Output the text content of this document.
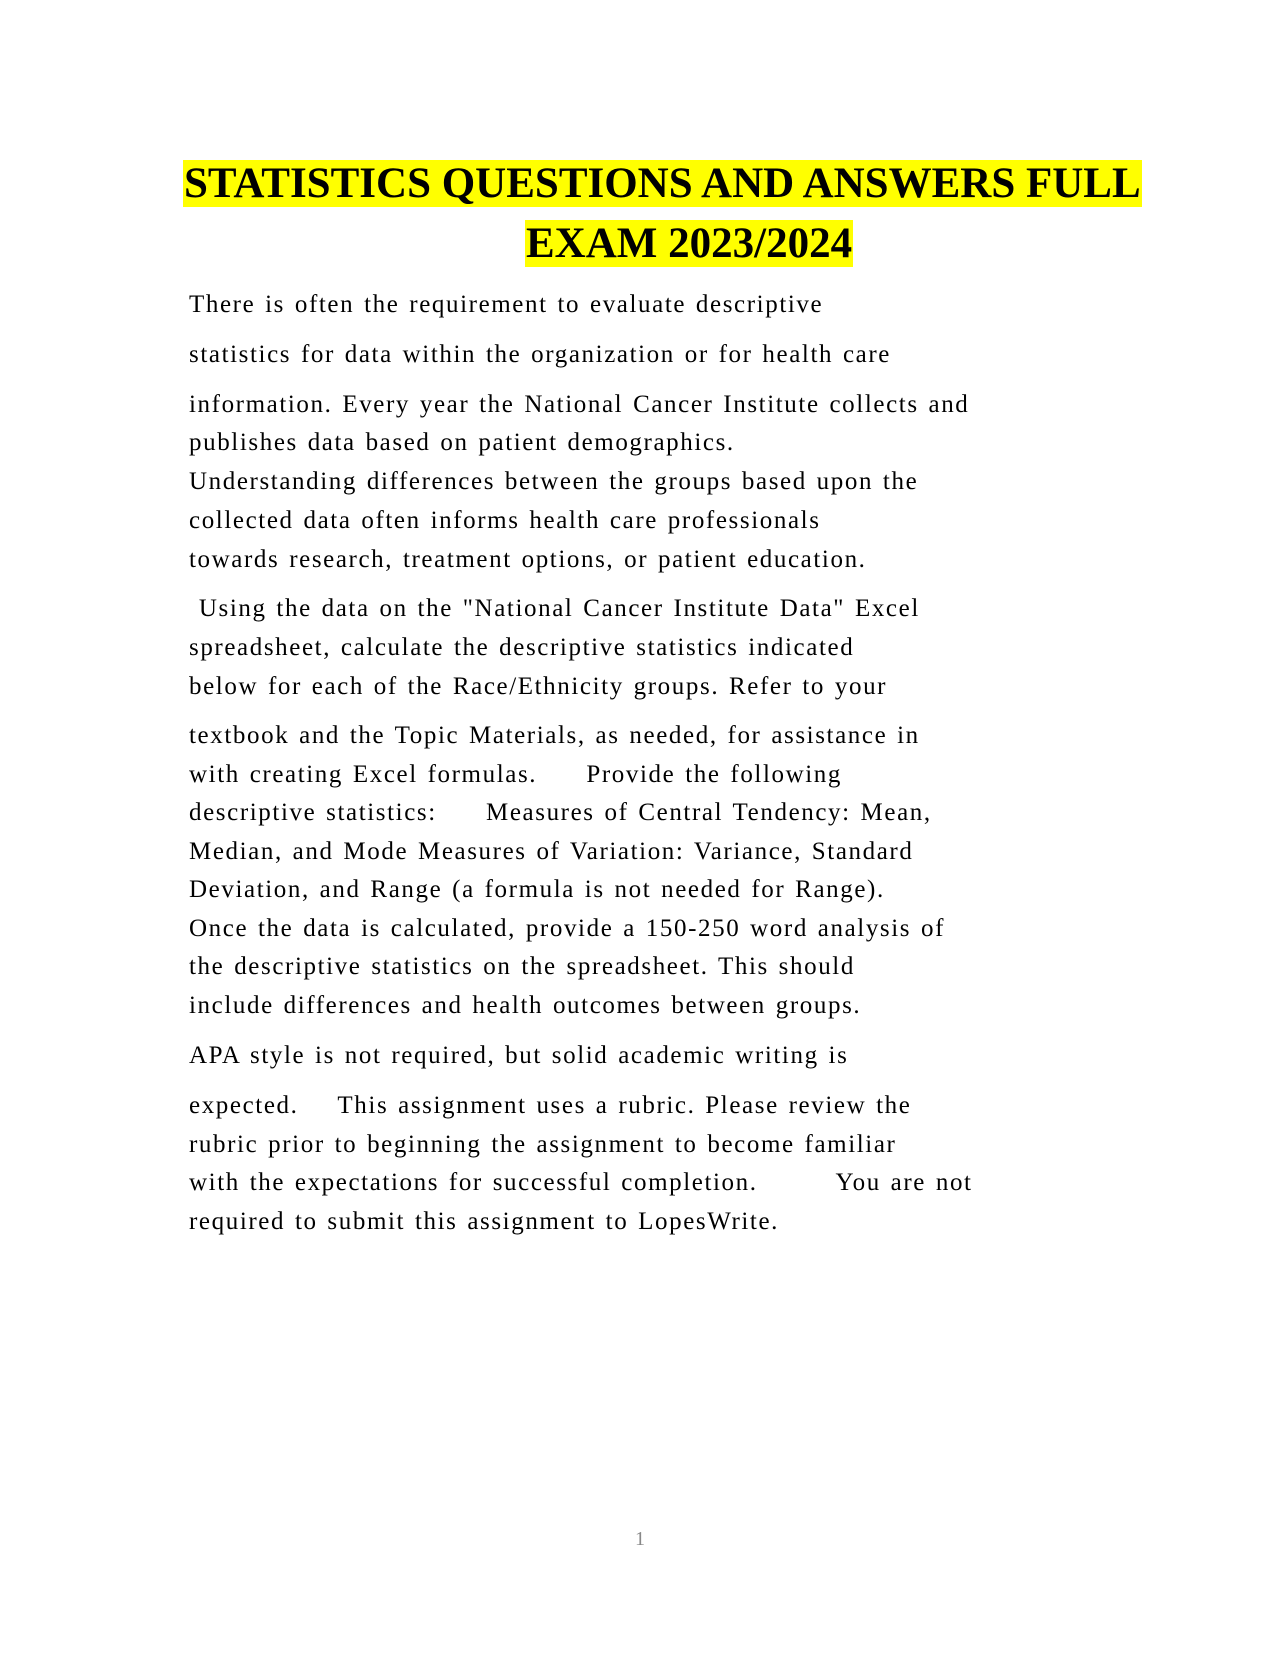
STATISTICS QUESTIONS AND ANSWERS FULL
EXAM 2023/2024
There is often the requirement to evaluate descriptive
statistics for data within the organization or for health care
information. Every year the National Cancer Institute collects and
publishes data based on patient demographics.
Understanding differences between the groups based upon the
collected data often informs health care professionals
towards research, treatment options, or patient education.
Using the data on the "National Cancer Institute Data" Excel
spreadsheet, calculate the descriptive statistics indicated
below for each of the Race/Ethnicity groups. Refer to your
textbook and the Topic Materials, as needed, for assistance in
with creating Excel formulas.     Provide the following
descriptive statistics:     Measures of Central Tendency: Mean,
Median, and Mode Measures of Variation: Variance, Standard
Deviation, and Range (a formula is not needed for Range).
Once the data is calculated, provide a 150-250 word analysis of
the descriptive statistics on the spreadsheet. This should
include differences and health outcomes between groups.
APA style is not required, but solid academic writing is
expected.    This assignment uses a rubric. Please review the
rubric prior to beginning the assignment to become familiar
with the expectations for successful completion.        You are not
required to submit this assignment to LopesWrite.
1
